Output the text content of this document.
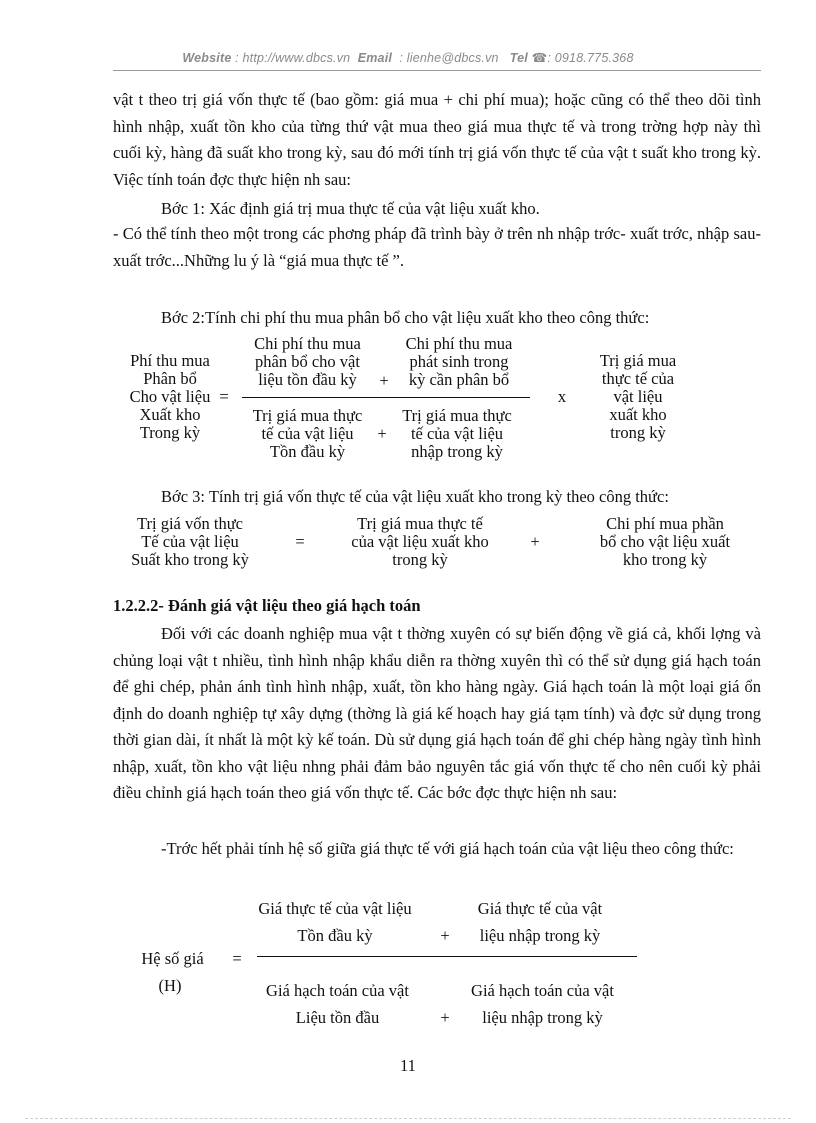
Website : http://www.dbcs.vn Email : lienhe@dbcs.vn Tel ☎: 0918.775.368
vật t theo trị giá vốn thực tế (bao gồm: giá mua + chi phí mua); hoặc cũng có thể theo dõi tình hình nhập, xuất tồn kho của từng thứ vật mua theo giá mua thực tế và trong trờng hợp này thì cuối kỳ, hàng đã suất kho trong kỳ, sau đó mới tính trị giá vốn thực tế của vật t suất kho trong kỳ. Việc tính toán đợc thực hiện nh sau:
Bớc 1: Xác định giá trị mua thực tế của vật liệu xuất kho.
- Có thể tính theo một trong các phơng pháp đã trình bày ở trên nh nhập trớc- xuất trớc, nhập sau- xuất trớc...Những lu ý là “giá mua thực tế ”.
Bớc 2:Tính chi phí thu mua phân bổ cho vật liệu xuất kho theo công thức:
Phí thu mua
Phân bổ
Cho vật liệu
Xuất kho
Trong kỳ
=
Chi phí thu mua
phân bổ cho vật
liệu tồn đầu kỳ	+
Chi phí thu mua
phát sinh trong
kỳ cần phân bổ
Trị giá mua thực
tế của vật liệu
Tồn đầu kỳ
+
Trị giá mua thực
tế của vật liệu
nhập trong kỳ
x
Trị giá mua
thực tế của
vật liệu
xuất kho
trong kỳ
Bớc 3: Tính trị giá vốn thực tế của vật liệu xuất kho trong kỳ theo công thức:
Trị giá vốn thực
Tế của vật liệu
Suất kho trong kỳ
=
Trị giá mua thực tế
của vật liệu xuất kho
trong kỳ
+
Chi phí mua phần
bổ cho vật liệu xuất
kho trong kỳ
1.2.2.2- Đánh giá vật liệu theo giá hạch toán
Đối với các doanh nghiệp mua vật t thờng xuyên có sự biến động về giá cả, khối lợng và chủng loại vật t nhiều, tình hình nhập khẩu diễn ra thờng xuyên thì có thể sử dụng giá hạch toán để ghi chép, phản ánh tình hình nhập, xuất, tồn kho hàng ngày. Giá hạch toán là một loại giá ổn định do doanh nghiệp tự xây dựng (thờng là giá kế hoạch hay giá tạm tính) và đợc sử dụng trong thời gian dài, ít nhất là một kỳ kế toán. Dù sử dụng giá hạch toán để ghi chép hàng ngày tình hình nhập, xuất, tồn kho vật liệu nhng phải đảm bảo nguyên tắc giá vốn thực tế cho nên cuối kỳ phải điều chỉnh giá hạch toán theo giá vốn thực tế. Các bớc đợc thực hiện nh sau:
-Trớc hết phải tính hệ số giữa giá thực tế với giá hạch toán của vật liệu theo công thức:
Giá thực tế của vật liệu
Tồn đầu kỳ	+
Giá thực tế của vật
liệu nhập trong kỳ
Hệ số giá	=
(H)	Giá hạch toán của vật
Liệu tồn đầu	+
Giá hạch toán của vật
liệu nhập trong kỳ
11
